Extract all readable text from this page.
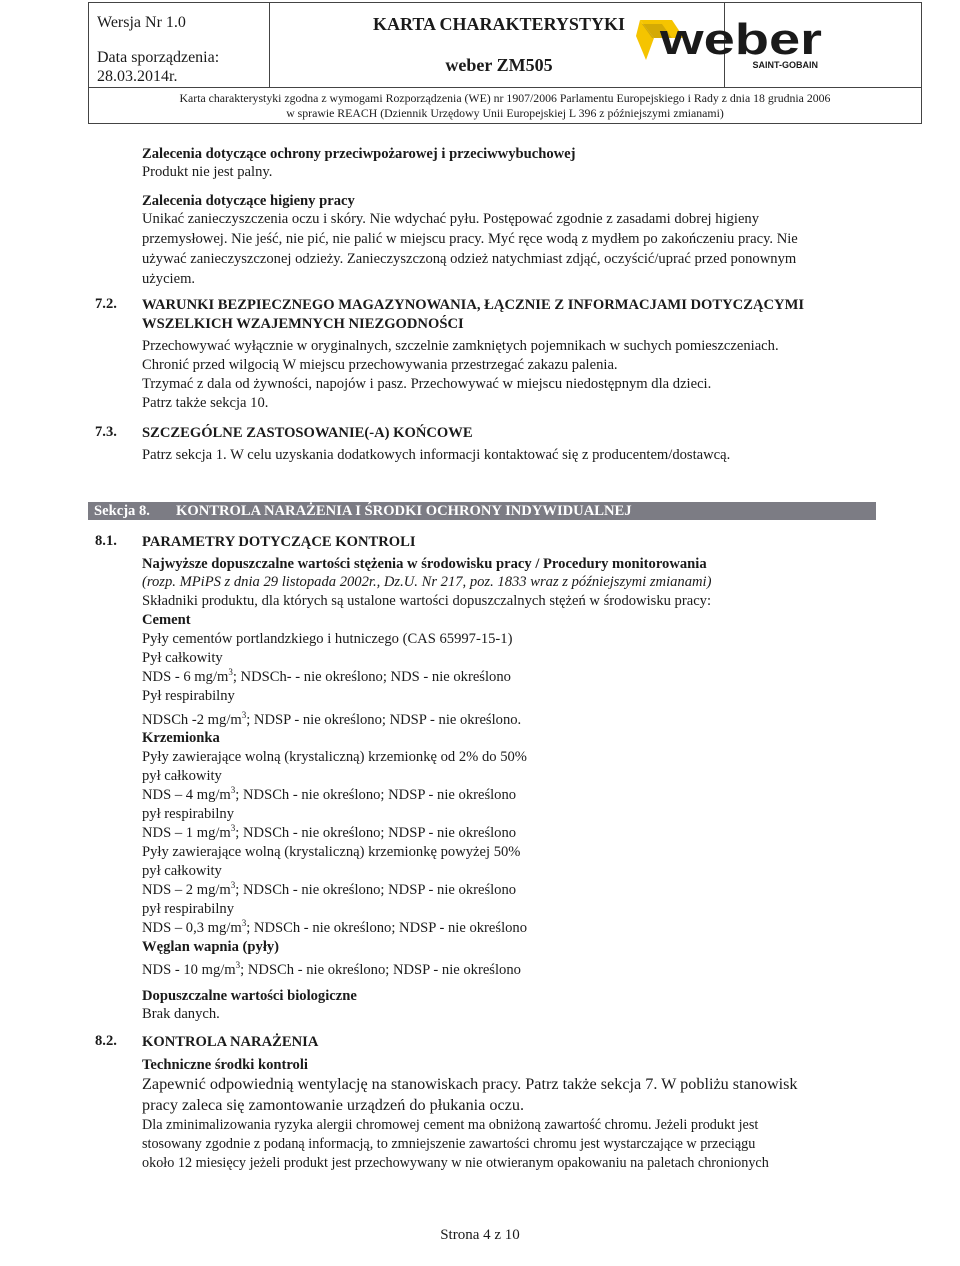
Wersja Nr 1.0
Data sporządzenia:
28.03.2014r.
KARTA CHARAKTERYSTYKI
weber ZM505
Karta charakterystyki zgodna z wymogami Rozporządzenia (WE) nr 1907/2006 Parlamentu Europejskiego i Rady z dnia 18 grudnia 2006
w sprawie REACH (Dziennik Urzędowy Unii Europejskiej L 396 z późniejszymi zmianami)
weber
SAINT-GOBAIN
Zalecenia dotyczące ochrony przeciwpożarowej i przeciwwybuchowej
Produkt nie jest palny.
Zalecenia dotyczące higieny pracy
Unikać zanieczyszczenia oczu i skóry. Nie wdychać pyłu. Postępować zgodnie z zasadami dobrej higieny
przemysłowej. Nie jeść, nie pić, nie palić w miejscu pracy. Myć ręce wodą z mydłem po zakończeniu pracy. Nie
używać zanieczyszczonej odzieży. Zanieczyszczoną odzież natychmiast zdjąć, oczyścić/uprać przed ponownym
użyciem.
7.2. WARUNKI BEZPIECZNEGO MAGAZYNOWANIA, ŁĄCZNIE Z INFORMACJAMI DOTYCZĄCYMI
WSZELKICH WZAJEMNYCH NIEZGODNOŚCI
Przechowywać wyłącznie w oryginalnych, szczelnie zamkniętych pojemnikach w suchych pomieszczeniach.
Chronić przed wilgocią W miejscu przechowywania przestrzegać zakazu palenia.
Trzymać z dala od żywności, napojów i pasz. Przechowywać w miejscu niedostępnym dla dzieci.
Patrz także sekcja 10.
7.3. SZCZEGÓLNE ZASTOSOWANIE(-A) KOŃCOWE
Patrz sekcja 1. W celu uzyskania dodatkowych informacji kontaktować się z producentem/dostawcą.
Sekcja 8. KONTROLA NARAŻENIA I ŚRODKI OCHRONY INDYWIDUALNEJ
8.1. PARAMETRY DOTYCZĄCE KONTROLI
Najwyższe dopuszczalne wartości stężenia w środowisku pracy / Procedury monitorowania
(rozp. MPiPS z dnia 29 listopada 2002r., Dz.U. Nr 217, poz. 1833 wraz z późniejszymi zmianami)
Składniki produktu, dla których są ustalone wartości dopuszczalnych stężeń w środowisku pracy:
Cement
Pyły cementów portlandzkiego i hutniczego (CAS 65997-15-1)
Pył całkowity
NDS - 6 $mg/m^3$; NDSCh- - nie określono; NDS - nie określono
Pył respirabilny
NDSCh -2 $mg/m^3$; NDSP - nie określono; NDSP - nie określono.
Krzemionka
Pyły zawierające wolną (krystaliczną) krzemionkę od 2% do 50%
pył całkowity
NDS – 4 $mg/m^3$; NDSCh - nie określono; NDSP - nie określono
pył respirabilny
NDS – 1 $mg/m^3$; NDSCh - nie określono; NDSP - nie określono
Pyły zawierające wolną (krystaliczną) krzemionkę powyżej 50%
pył całkowity
NDS – 2 $mg/m^3$; NDSCh - nie określono; NDSP - nie określono
pył respirabilny
NDS – 0,3 $mg/m^3$; NDSCh - nie określono; NDSP - nie określono
Węglan wapnia (pyły)
NDS - 10 $mg/m^3$; NDSCh - nie określono; NDSP - nie określono
Dopuszczalne wartości biologiczne
Brak danych.
8.2. KONTROLA NARAŻENIA
Techniczne środki kontroli
Zapewnić odpowiednią wentylację na stanowiskach pracy. Patrz także sekcja 7. W pobliżu stanowisk
pracy zaleca się zamontowanie urządzeń do płukania oczu.
Dla zminimalizowania ryzyka alergii chromowej cement ma obniżoną zawartość chromu. Jeżeli produkt jest
stosowany zgodnie z podaną informacją, to zmniejszenie zawartości chromu jest wystarczające w przeciągu
około 12 miesięcy jeżeli produkt jest przechowywany w nie otwieranym opakowaniu na paletach chronionych
Strona 4 z 10
